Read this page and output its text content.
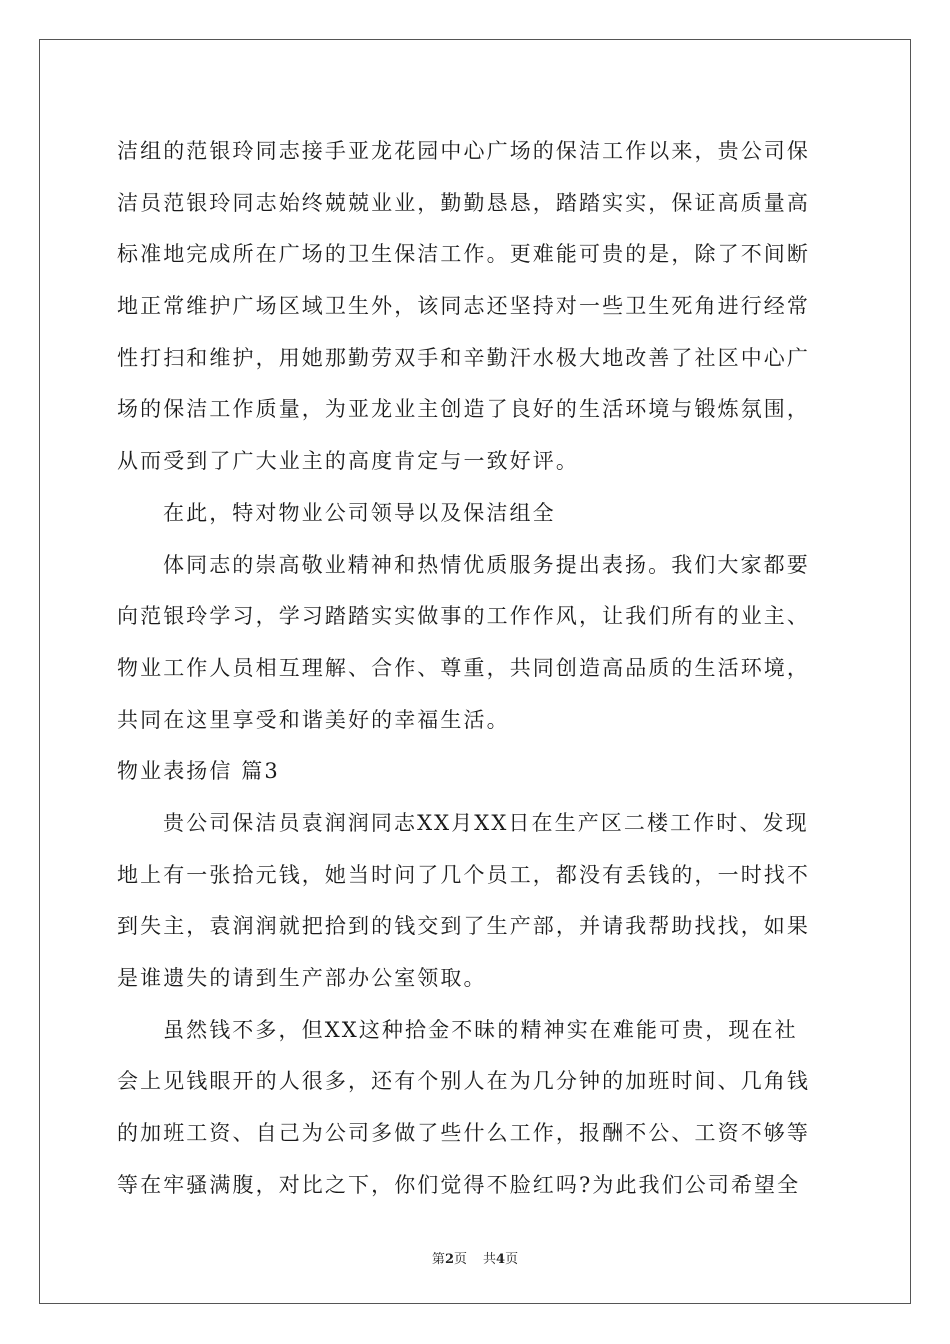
洁组的范银玲同志接手亚龙花园中心广场的保洁工作以来，贵公司保
洁员范银玲同志始终兢兢业业，勤勤恳恳，踏踏实实，保证高质量高
标准地完成所在广场的卫生保洁工作。更难能可贵的是，除了不间断
地正常维护广场区域卫生外，该同志还坚持对一些卫生死角进行经常
性打扫和维护，用她那勤劳双手和辛勤汗水极大地改善了社区中心广
场的保洁工作质量，为亚龙业主创造了良好的生活环境与锻炼氛围，
从而受到了广大业主的高度肯定与一致好评。
在此，特对物业公司领导以及保洁组全
体同志的崇高敬业精神和热情优质服务提出表扬。我们大家都要
向范银玲学习，学习踏踏实实做事的工作作风，让我们所有的业主、
物业工作人员相互理解、合作、尊重，共同创造高品质的生活环境，
共同在这里享受和谐美好的幸福生活。
物业表扬信 篇3
贵公司保洁员袁润润同志XX月XX日在生产区二楼工作时、发现
地上有一张拾元钱，她当时问了几个员工，都没有丢钱的，一时找不
到失主，袁润润就把拾到的钱交到了生产部，并请我帮助找找，如果
是谁遗失的请到生产部办公室领取。
虽然钱不多，但XX这种拾金不昧的精神实在难能可贵，现在社
会上见钱眼开的人很多，还有个别人在为几分钟的加班时间、几角钱
的加班工资、自己为公司多做了些什么工作，报酬不公、工资不够等
等在牢骚满腹，对比之下，你们觉得不脸红吗?为此我们公司希望全
第2页 共4页
